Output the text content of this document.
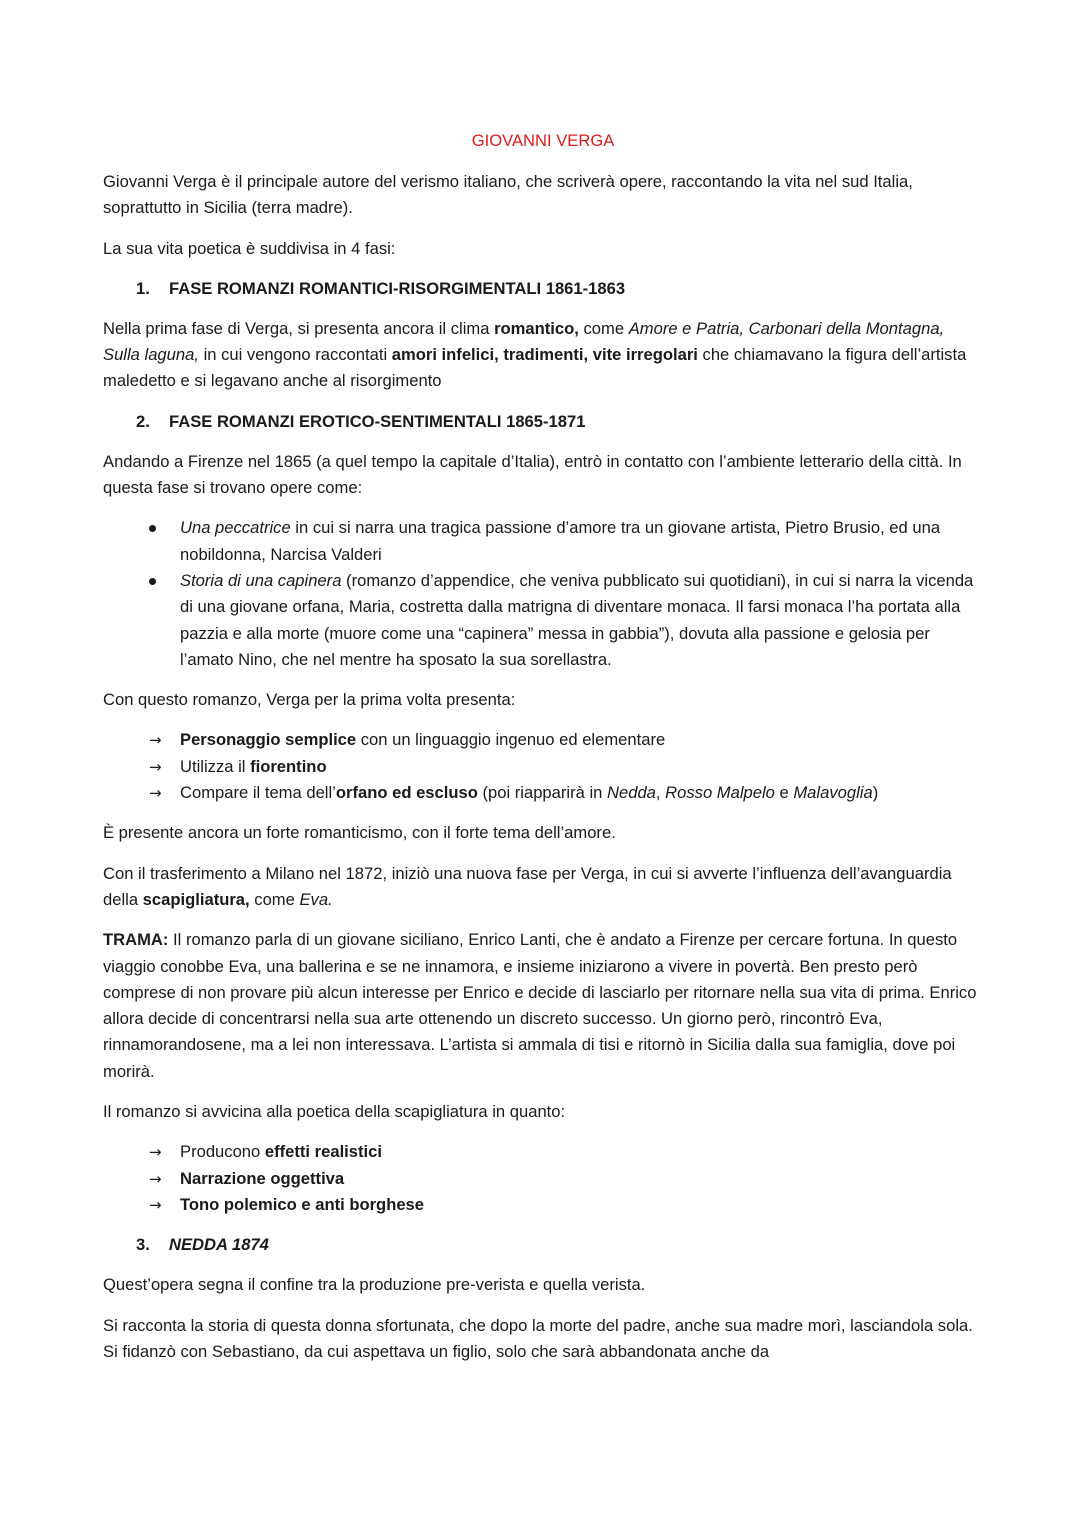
GIOVANNI VERGA

Giovanni Verga è il principale autore del verismo italiano, che scriverà opere, raccontando la vita nel sud Italia, soprattutto in Sicilia (terra madre).

La sua vita poetica è suddivisa in 4 fasi:

1. FASE ROMANZI ROMANTICI-RISORGIMENTALI 1861-1863

Nella prima fase di Verga, si presenta ancora il clima romantico, come Amore e Patria, Carbonari della Montagna, Sulla laguna, in cui vengono raccontati amori infelici, tradimenti, vite irregolari che chiamavano la figura dell’artista maledetto e si legavano anche al risorgimento

2. FASE ROMANZI EROTICO-SENTIMENTALI 1865-1871

Andando a Firenze nel 1865 (a quel tempo la capitale d’Italia), entrò in contatto con l’ambiente letterario della città. In questa fase si trovano opere come:

Una peccatrice in cui si narra una tragica passione d’amore tra un giovane artista, Pietro Brusio, ed una nobildonna, Narcisa Valderi
Storia di una capinera (romanzo d’appendice, che veniva pubblicato sui quotidiani), in cui si narra la vicenda di una giovane orfana, Maria, costretta dalla matrigna di diventare monaca. Il farsi monaca l’ha portata alla pazzia e alla morte (muore come una “capinera” messa in gabbia”), dovuta alla passione e gelosia per l’amato Nino, che nel mentre ha sposato la sua sorellastra.

Con questo romanzo, Verga per la prima volta presenta:

→ Personaggio semplice con un linguaggio ingenuo ed elementare
→ Utilizza il fiorentino
→ Compare il tema dell’orfano ed escluso (poi riapparirà in Nedda, Rosso Malpelo e Malavoglia)

È presente ancora un forte romanticismo, con il forte tema dell’amore.

Con il trasferimento a Milano nel 1872, iniziò una nuova fase per Verga, in cui si avverte l’influenza dell’avanguardia della scapigliatura, come Eva.

TRAMA: Il romanzo parla di un giovane siciliano, Enrico Lanti, che è andato a Firenze per cercare fortuna. In questo viaggio conobbe Eva, una ballerina e se ne innamora, e insieme iniziarono a vivere in povertà. Ben presto però comprese di non provare più alcun interesse per Enrico e decide di lasciarlo per ritornare nella sua vita di prima. Enrico allora decide di concentrarsi nella sua arte ottenendo un discreto successo. Un giorno però, rincontrò Eva, rinnamorandosene, ma a lei non interessava. L’artista si ammala di tisi e ritornò in Sicilia dalla sua famiglia, dove poi morirà.

Il romanzo si avvicina alla poetica della scapigliatura in quanto:

→ Producono effetti realistici
→ Narrazione oggettiva
→ Tono polemico e anti borghese
3. NEDDA 1874

Quest’opera segna il confine tra la produzione pre-verista e quella verista.

Si racconta la storia di questa donna sfortunata, che dopo la morte del padre, anche sua madre morì, lasciandola sola. Si fidanzò con Sebastiano, da cui aspettava un figlio, solo che sarà abbandonata anche da
